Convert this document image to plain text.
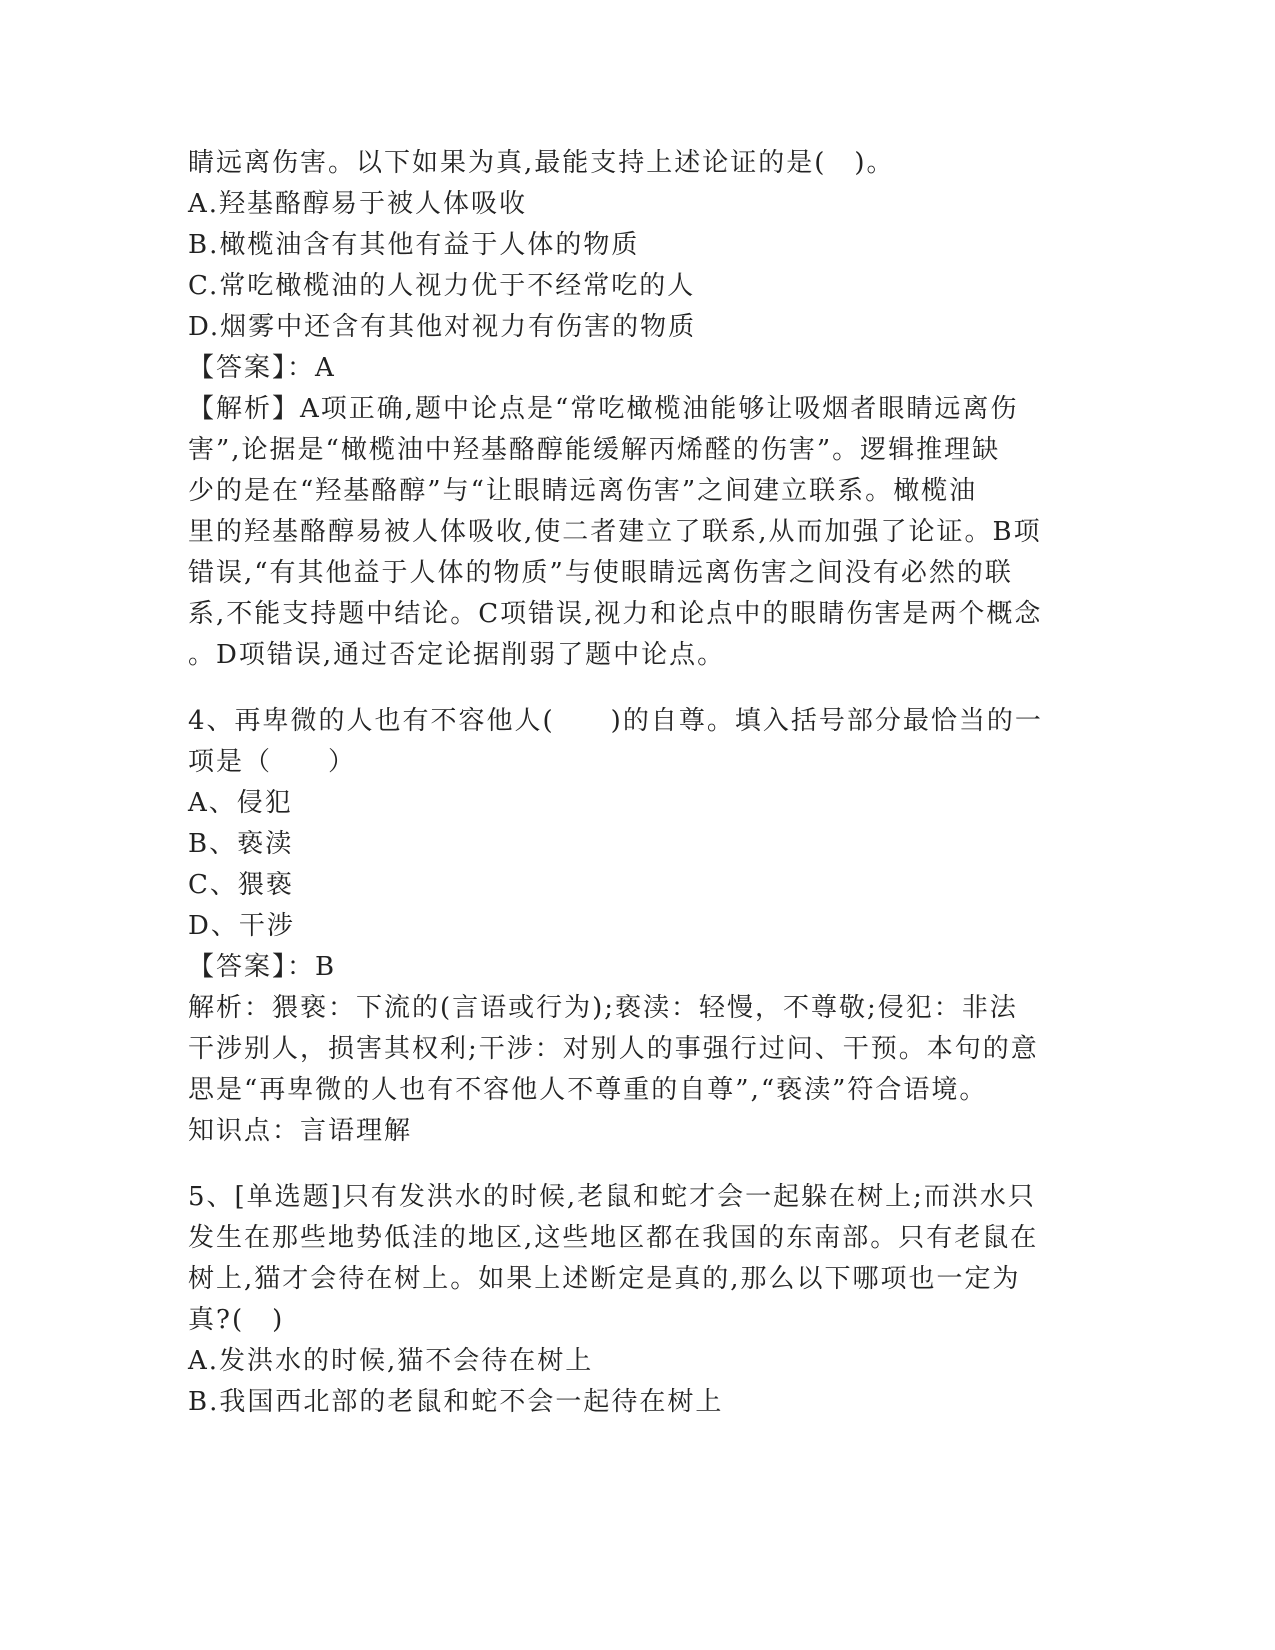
睛远离伤害。以下如果为真,最能支持上述论证的是(　)。
A.羟基酪醇易于被人体吸收
B.橄榄油含有其他有益于人体的物质
C.常吃橄榄油的人视力优于不经常吃的人
D.烟雾中还含有其他对视力有伤害的物质
【答案】：A
【解析】A项正确,题中论点是“常吃橄榄油能够让吸烟者眼睛远离伤
害”,论据是“橄榄油中羟基酪醇能缓解丙烯醛的伤害”。逻辑推理缺
少的是在“羟基酪醇”与“让眼睛远离伤害”之间建立联系。橄榄油
里的羟基酪醇易被人体吸收,使二者建立了联系,从而加强了论证。B项
错误,“有其他益于人体的物质”与使眼睛远离伤害之间没有必然的联
系,不能支持题中结论。C项错误,视力和论点中的眼睛伤害是两个概念
。D项错误,通过否定论据削弱了题中论点。
4、再卑微的人也有不容他人(　　)的自尊。填入括号部分最恰当的一
项是（　　）
A、侵犯
B、亵渎
C、猥亵
D、干涉
【答案】：B
解析：猥亵：下流的(言语或行为);亵渎：轻慢，不尊敬;侵犯：非法
干涉别人，损害其权利;干涉：对别人的事强行过问、干预。本句的意
思是“再卑微的人也有不容他人不尊重的自尊”,“亵渎”符合语境。
知识点：言语理解
5、[单选题]只有发洪水的时候,老鼠和蛇才会一起躲在树上;而洪水只
发生在那些地势低洼的地区,这些地区都在我国的东南部。只有老鼠在
树上,猫才会待在树上。如果上述断定是真的,那么以下哪项也一定为
真?(　)
A.发洪水的时候,猫不会待在树上
B.我国西北部的老鼠和蛇不会一起待在树上
